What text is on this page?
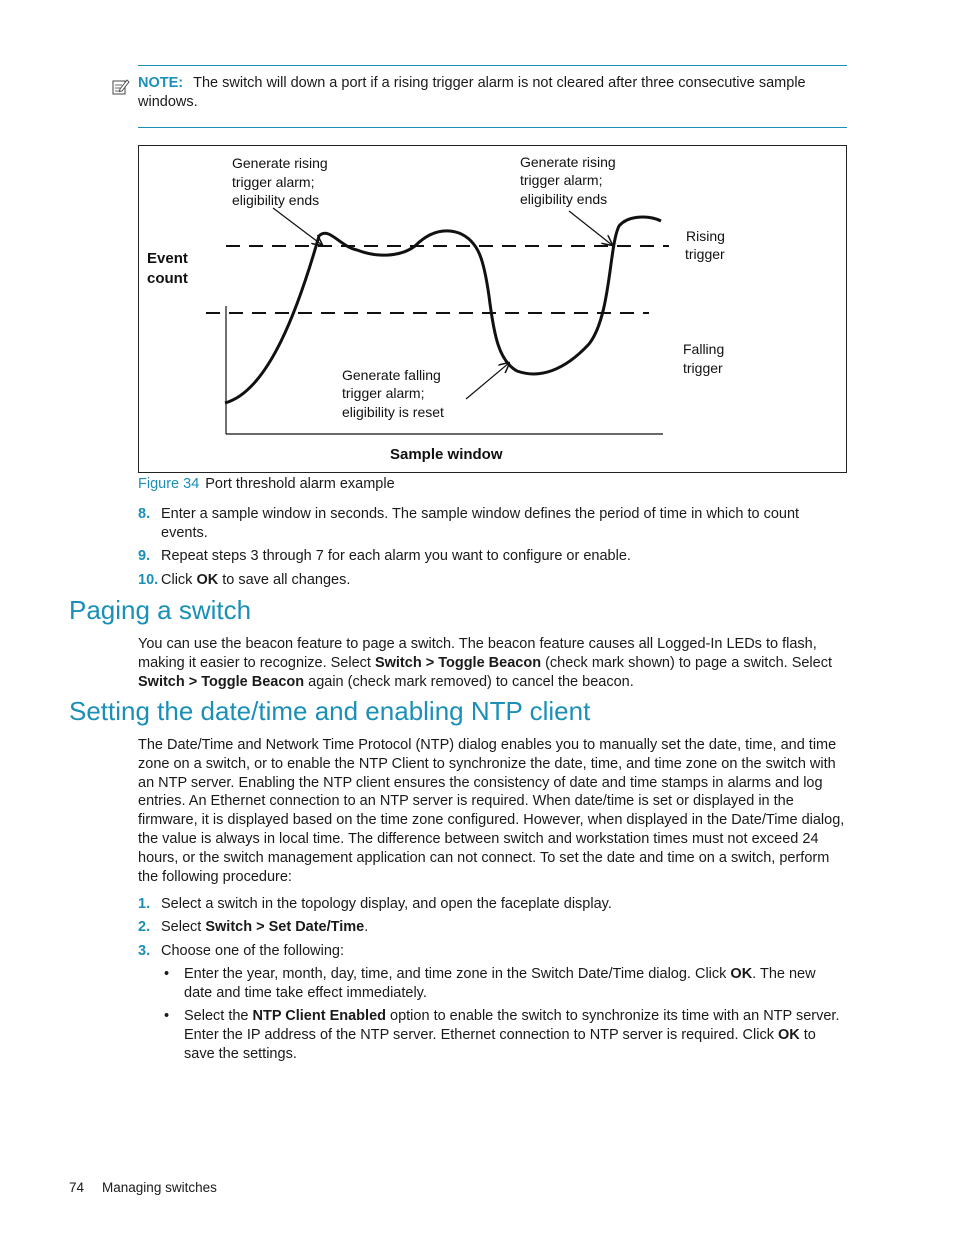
NOTE: The switch will down a port if a rising trigger alarm is not cleared after three consecutive sample windows.
Event
count
Sample window
Rising
trigger
Falling
trigger
Generate rising
trigger alarm;
eligibility ends
Generate rising
trigger alarm;
eligibility ends
Generate falling
trigger alarm;
eligibility is reset
Figure 34 Port threshold alarm example
8. Enter a sample window in seconds. The sample window defines the period of time in which to count events.
9. Repeat steps 3 through 7 for each alarm you want to configure or enable.
10. Click OK to save all changes.
Paging a switch
You can use the beacon feature to page a switch. The beacon feature causes all Logged-In LEDs to flash, making it easier to recognize. Select Switch > Toggle Beacon (check mark shown) to page a switch. Select Switch > Toggle Beacon again (check mark removed) to cancel the beacon.
Setting the date/time and enabling NTP client
The Date/Time and Network Time Protocol (NTP) dialog enables you to manually set the date, time, and time zone on a switch, or to enable the NTP Client to synchronize the date, time, and time zone on the switch with an NTP server. Enabling the NTP client ensures the consistency of date and time stamps in alarms and log entries. An Ethernet connection to an NTP server is required. When date/time is set or displayed in the firmware, it is displayed based on the time zone configured. However, when displayed in the Date/Time dialog, the value is always in local time. The difference between switch and workstation times must not exceed 24 hours, or the switch management application can not connect. To set the date and time on a switch, perform the following procedure:
1. Select a switch in the topology display, and open the faceplate display.
2. Select Switch > Set Date/Time.
3. Choose one of the following:
• Enter the year, month, day, time, and time zone in the Switch Date/Time dialog. Click OK. The new date and time take effect immediately.
• Select the NTP Client Enabled option to enable the switch to synchronize its time with an NTP server. Enter the IP address of the NTP server. Ethernet connection to NTP server is required. Click OK to save the settings.
74 Managing switches
